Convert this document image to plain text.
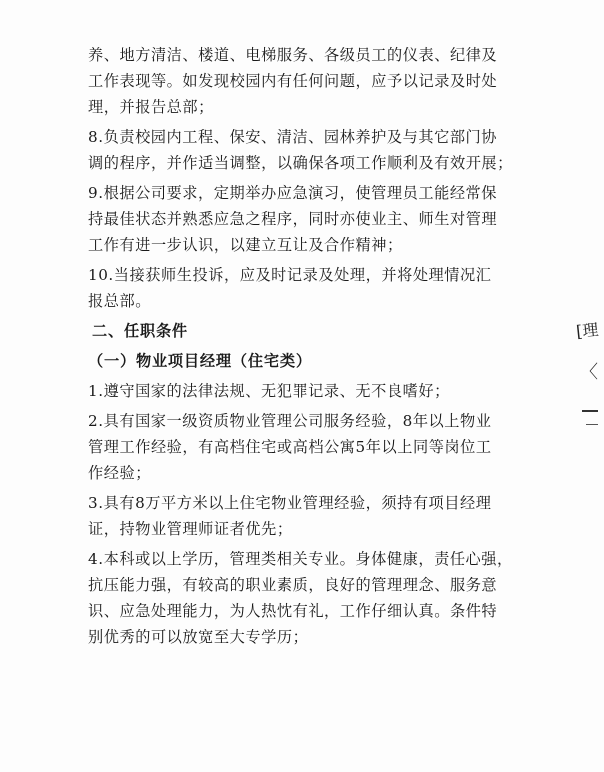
养、地方清洁、楼道、电梯服务、各级员工的仪表、纪律及
工作表现等。如发现校园内有任何问题，应予以记录及时处
理，并报告总部；
8.负责校园内工程、保安、清洁、园林养护及与其它部门协
调的程序，并作适当调整，以确保各项工作顺利及有效开展；
9.根据公司要求，定期举办应急演习，使管理员工能经常保
持最佳状态并熟悉应急之程序，同时亦使业主、师生对管理
工作有进一步认识，以建立互让及合作精神；
10.当接获师生投诉，应及时记录及处理，并将处理情况汇
报总部。
二、任职条件
（一）物业项目经理（住宅类）
1.遵守国家的法律法规、无犯罪记录、无不良嗜好；
2.具有国家一级资质物业管理公司服务经验，8年以上物业
管理工作经验，有高档住宅或高档公寓5年以上同等岗位工
作经验；
3.具有8万平方米以上住宅物业管理经验，须持有项目经理
证，持物业管理师证者优先；
4.本科或以上学历，管理类相关专业。身体健康，责任心强，
抗压能力强，有较高的职业素质，良好的管理理念、服务意
识、应急处理能力，为人热忱有礼，工作仔细认真。条件特
别优秀的可以放宽至大专学历；
[理
〈
